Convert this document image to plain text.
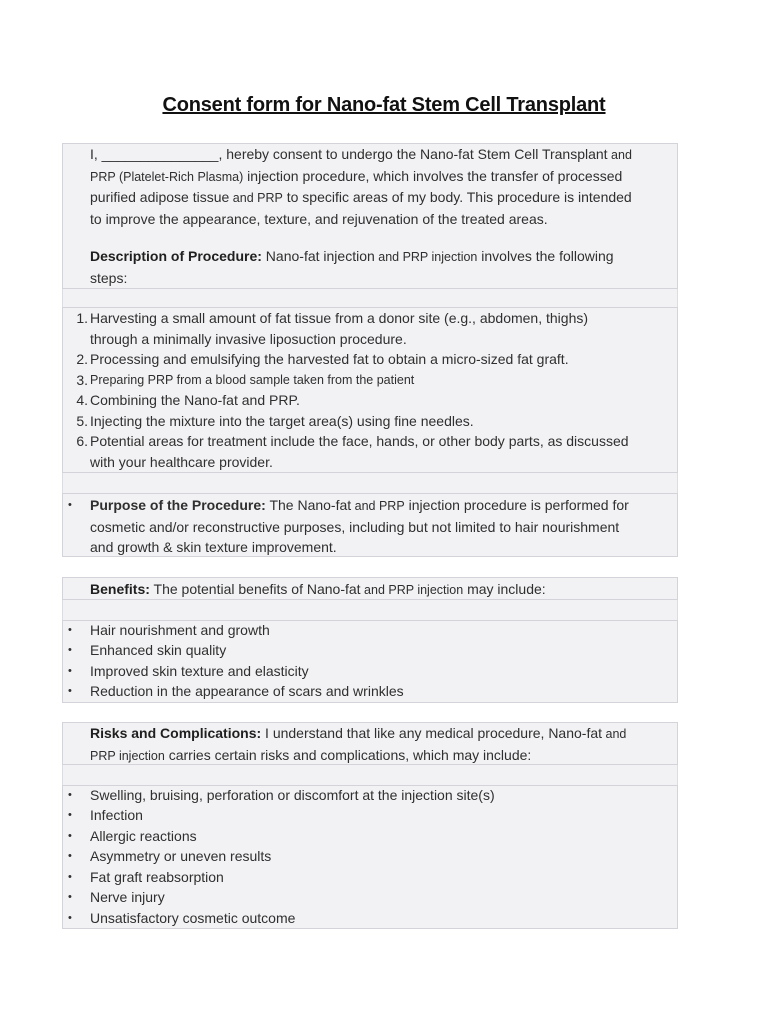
Consent form for Nano-fat Stem Cell Transplant
I, _______________, hereby consent to undergo the Nano-fat Stem Cell Transplant and
PRP (Platelet-Rich Plasma) injection procedure, which involves the transfer of processed
purified adipose tissue and PRP to specific areas of my body. This procedure is intended
to improve the appearance, texture, and rejuvenation of the treated areas.
Description of Procedure: Nano-fat injection and PRP injection involves the following
steps:
1. Harvesting a small amount of fat tissue from a donor site (e.g., abdomen, thighs)
through a minimally invasive liposuction procedure.
2. Processing and emulsifying the harvested fat to obtain a micro-sized fat graft.
3. Preparing PRP from a blood sample taken from the patient
4. Combining the Nano-fat and PRP.
5. Injecting the mixture into the target area(s) using fine needles.
6. Potential areas for treatment include the face, hands, or other body parts, as discussed
with your healthcare provider.
• Purpose of the Procedure: The Nano-fat and PRP injection procedure is performed for
cosmetic and/or reconstructive purposes, including but not limited to hair nourishment
and growth & skin texture improvement.
Benefits: The potential benefits of Nano-fat and PRP injection may include:
• Hair nourishment and growth
• Enhanced skin quality
• Improved skin texture and elasticity
• Reduction in the appearance of scars and wrinkles
Risks and Complications: I understand that like any medical procedure, Nano-fat and
PRP injection carries certain risks and complications, which may include:
• Swelling, bruising, perforation or discomfort at the injection site(s)
• Infection
• Allergic reactions
• Asymmetry or uneven results
• Fat graft reabsorption
• Nerve injury
• Unsatisfactory cosmetic outcome
